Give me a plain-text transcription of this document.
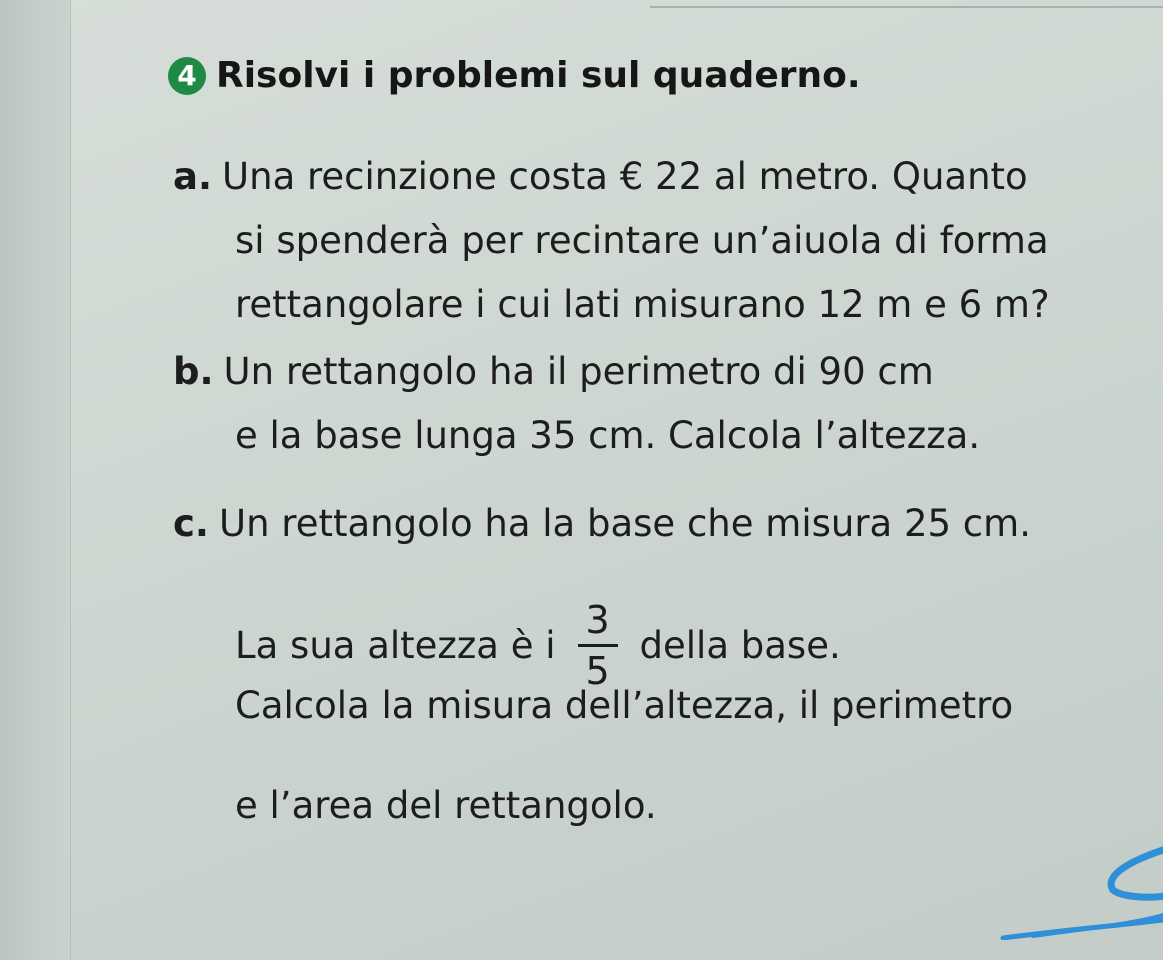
4 Risolvi i problemi sul quaderno.
a. Una recinzione costa € 22 al metro. Quanto
si spenderà per recintare un’aiuola di forma
rettangolare i cui lati misurano 12 m e 6 m?
b. Un rettangolo ha il perimetro di 90 cm
e la base lunga 35 cm. Calcola l’altezza.
c. Un rettangolo ha la base che misura 25 cm.
La sua altezza è i $\frac{3}{5}$ della base.
Calcola la misura dell’altezza, il perimetro
e l’area del rettangolo.
